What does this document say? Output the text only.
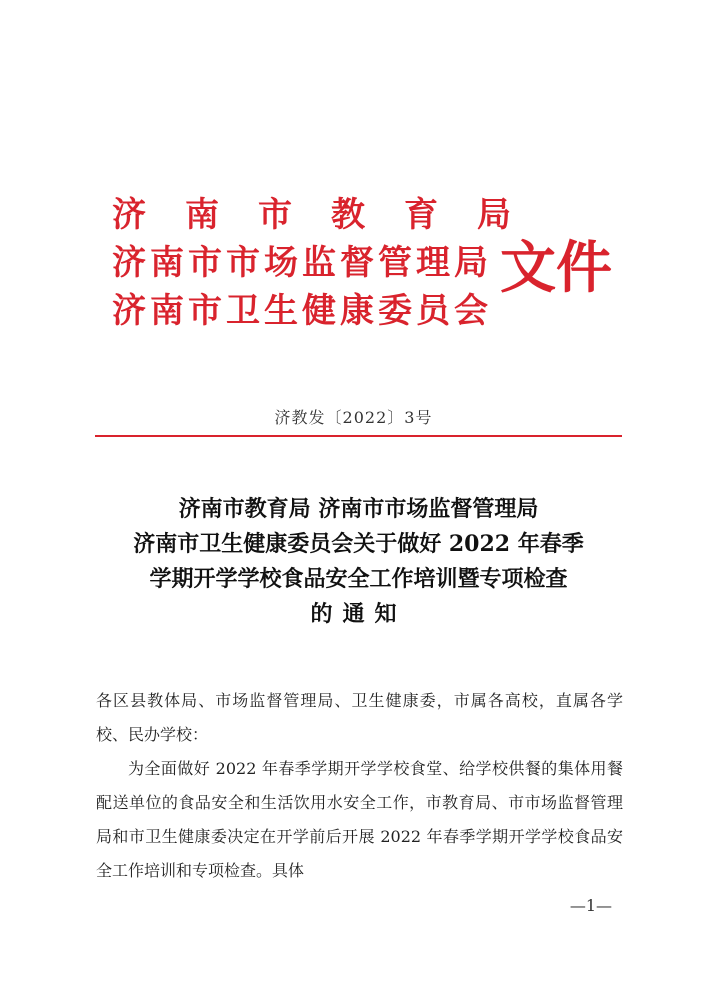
济南市教育局
济南市市场监督管理局
济南市卫生健康委员会
文件
济教发〔2022〕3号
济南市教育局 济南市市场监督管理局
济南市卫生健康委员会关于做好 2022 年春季
学期开学学校食品安全工作培训暨专项检查
的通知

各区县教体局、市场监督管理局、卫生健康委，市属各高校，直属各学校、民办学校：

为全面做好 2022 年春季学期开学学校食堂、给学校供餐的集体用餐配送单位的食品安全和生活饮用水安全工作，市教育局、市市场监督管理局和市卫生健康委决定在开学前后开展 2022 年春季学期开学学校食品安全工作培训和专项检查。具体

—1—
